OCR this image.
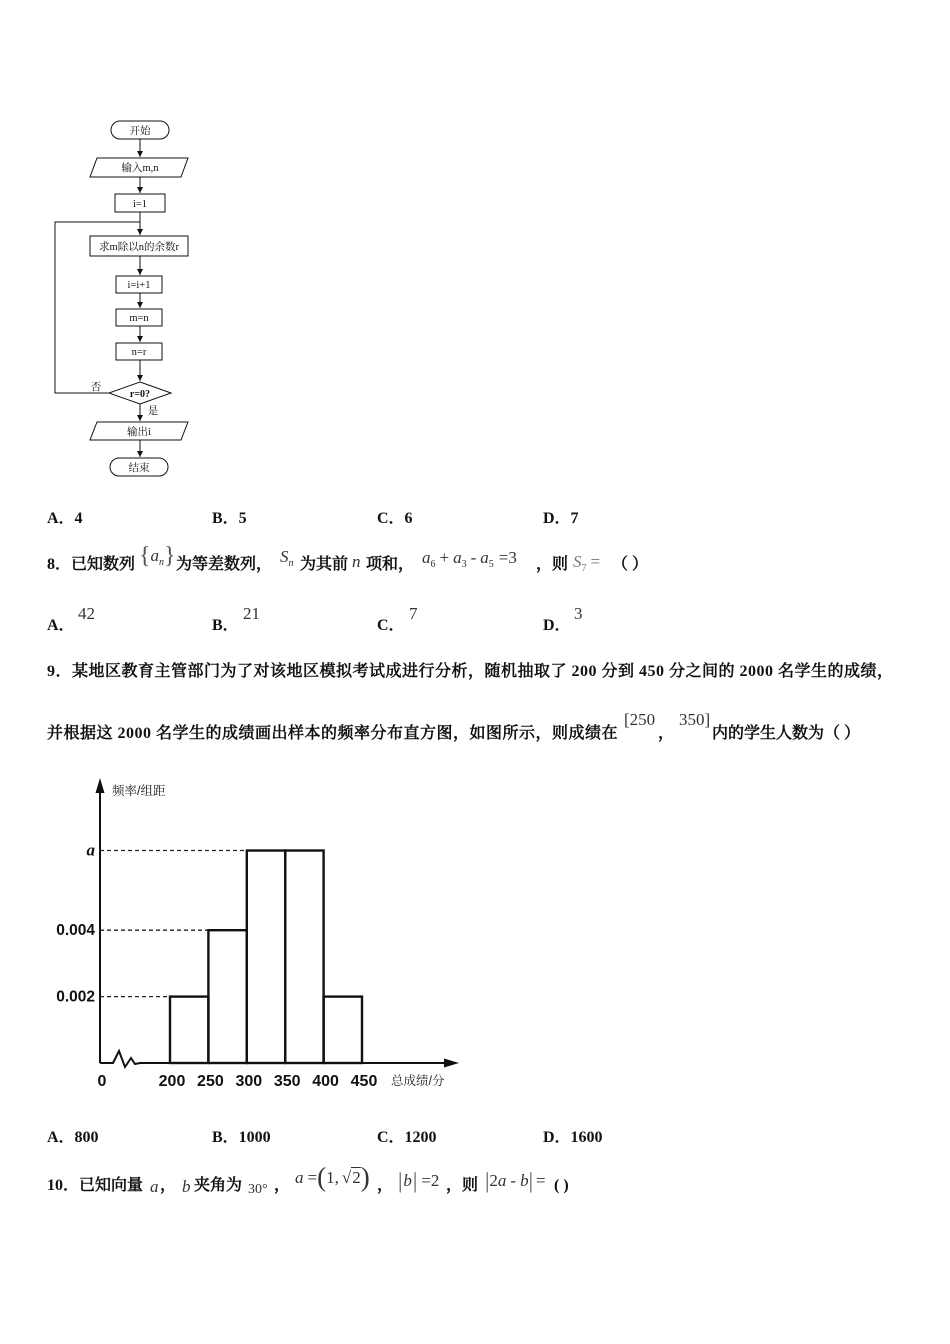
开始
输入m,n
i=1
求m除以n的余数r
i=i+1
m=n
n=r
r=0?
否
是
输出i
结束
A．4	B．5	C．6	D．7
8．已知数列 $\{a_n\}$ 为等差数列， $S_n$ 为其前 n 项和， $a_6 + a_3 - a_5 =3$ ，则 $S_7$ = （ ）
A．
42
B．
21
C．
7
D．
3
9．某地区教育主管部门为了对该地区模拟考试成进行分析，随机抽取了 200 分到 450 分之间的 2000 名学生的成绩，
并根据这 2000 名学生的成绩画出样本的频率分布直方图，如图所示，则成绩在
[250
，
350]
内的学生人数为（ ）
a
0.004
0.002
0	200 250 300 350 400 450 总成绩/分
频率/组距
A．800	B．1000	C．1200	D．1600
10．已知向量 a ， b 夹角为 30° ， a =(1, √2) ， |b| =2 ，则 |2a - b| = ( )
